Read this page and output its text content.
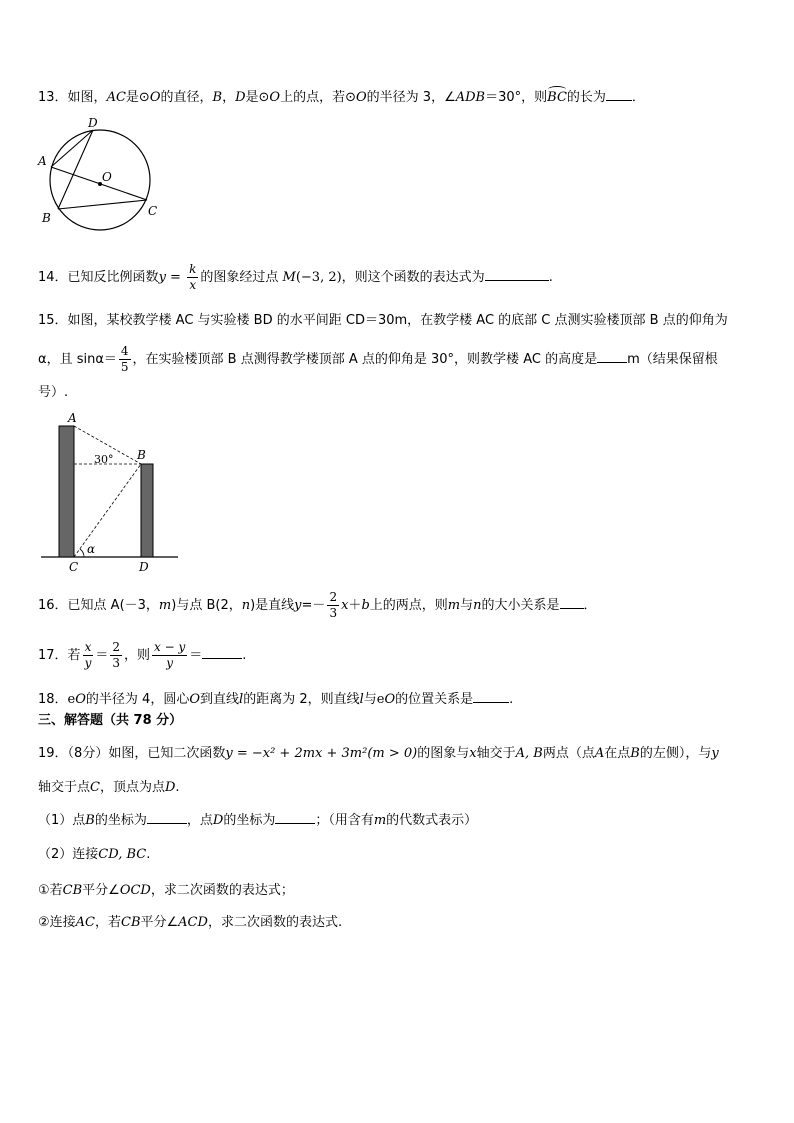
13．如图，AC是⊙O的直径，B，D是⊙O上的点，若⊙O的半径为 3，∠ADB＝30°，则BC的长为 ．
D
A
O
B	C
14．已知反比例函数$y = \frac{k}{x}$ 的图象经过点 M(−3, 2)，则这个函数的表达式为	.
15．如图，某校教学楼 AC 与实验楼 BD 的水平间距 CD＝30m，在教学楼 AC 的底部 C 点测实验楼顶部 B 点的仰角为
α，且 $\sin\alpha= \frac{4}{5}$ ，在实验楼顶部 B 点测得教学楼顶部 A 点的仰角是 30°，则教学楼 AC 的高度是 m（结果保留根
号）.
A
B
C	D
α
30°
16．已知点 A(－3，m)与点 B(2，n)是直线$y=- \frac{2}{3} x+b$上的两点，则m与n的大小关系是 ．
17．若 $\frac{x}{y} = \frac{2}{3}$ ，则 $\frac{x - y}{y}$ ＝	.
18．eO的半径为 4，圆心O到直线l的距离为 2，则直线l与eO的位置关系是	.
三、解答题（共 78 分）
19．（8分）如图，已知二次函数y = −x² + 2mx + 3m²(m > 0)的图象与x轴交于A, B两点（点A在点B的左侧），与y
轴交于点C，顶点为点D.
（1）点B的坐标为	，点D的坐标为	；（用含有m的代数式表示）
（2）连接CD, BC.
①若CB平分∠OCD，求二次函数的表达式；
②连接AC，若CB平分∠ACD，求二次函数的表达式.
